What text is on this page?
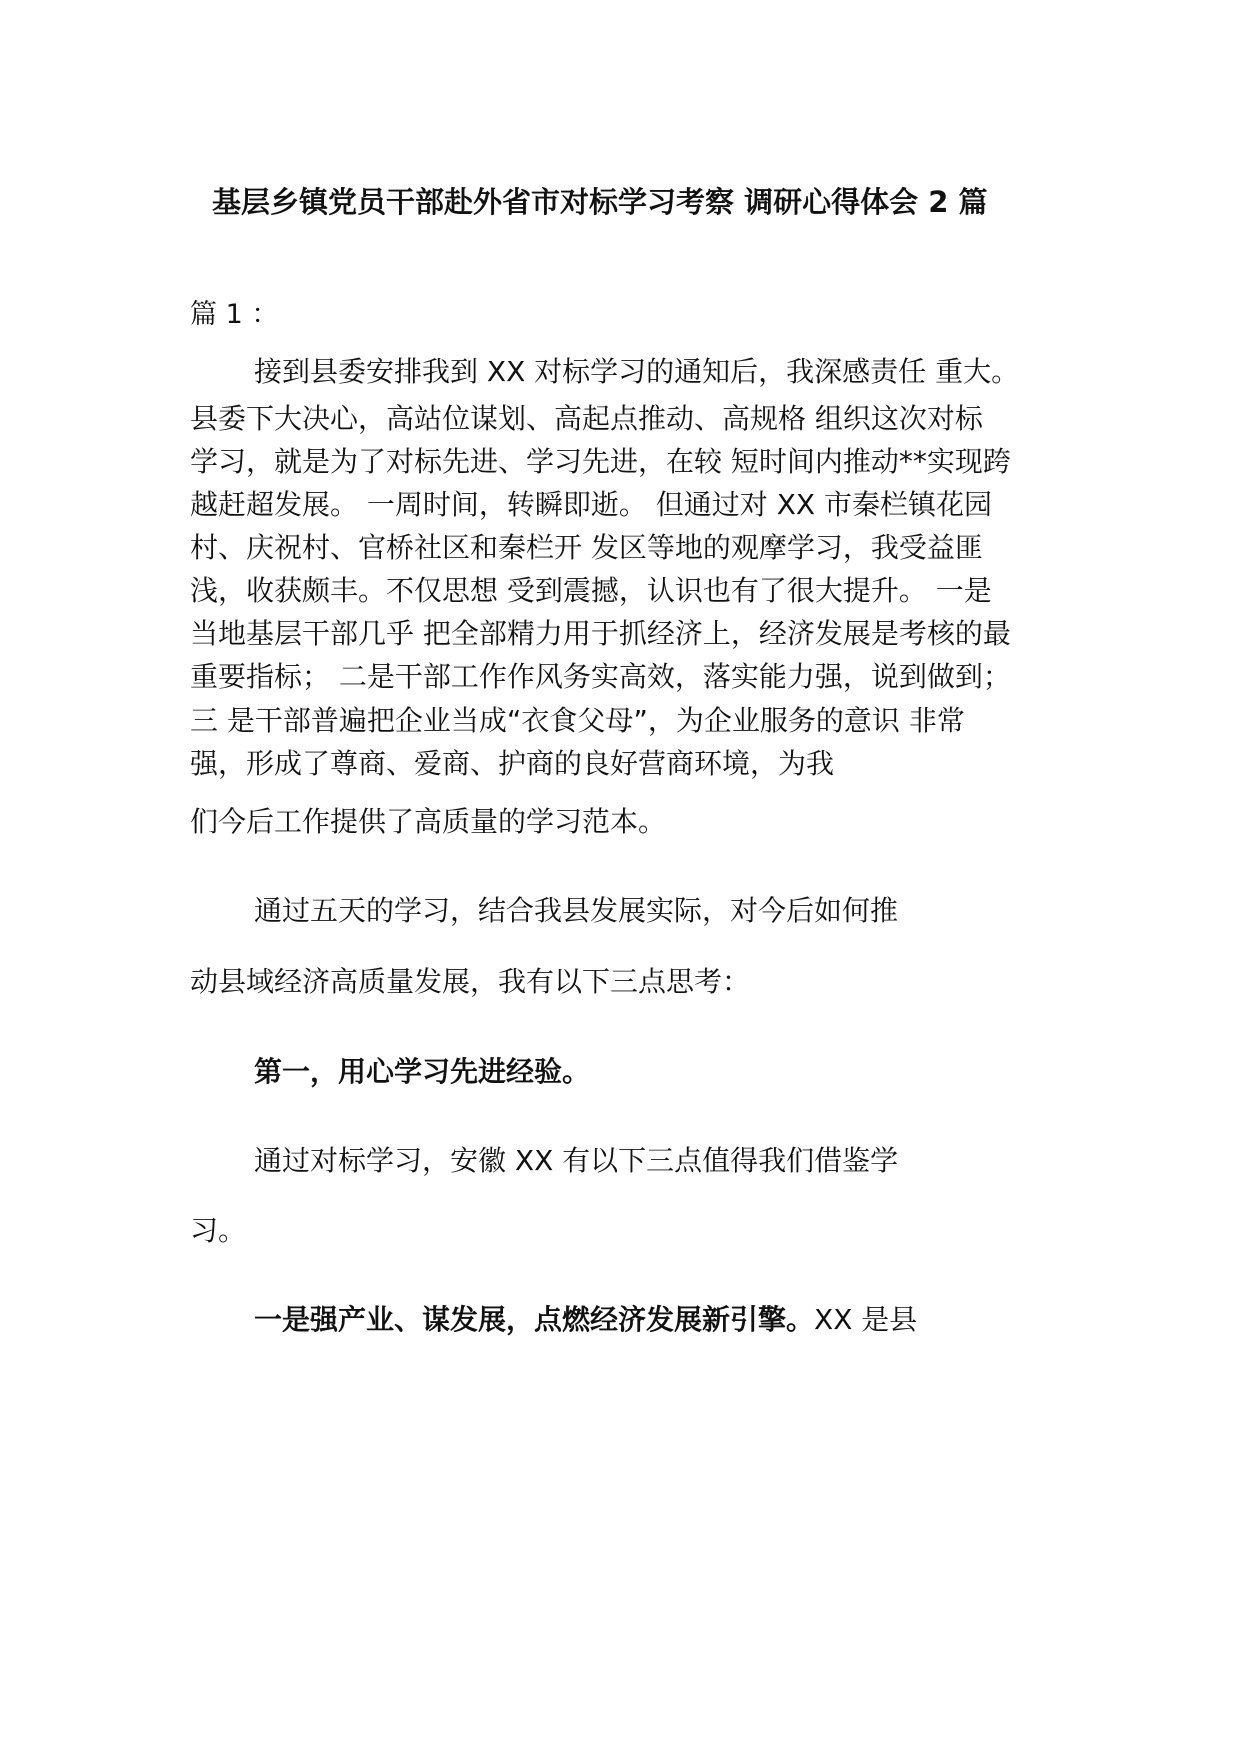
基层乡镇党员干部赴外省市对标学习考察 调研心得体会 2 篇
篇 1 ：
接到县委安排我到 XX 对标学习的通知后，我深感责任 重大。
县委下大决心，高站位谋划、高起点推动、高规格 组织这次对标
学习，就是为了对标先进、学习先进，在较 短时间内推动**实现跨
越赶超发展。 一周时间，转瞬即逝。 但通过对 XX 市秦栏镇花园
村、庆祝村、官桥社区和秦栏开 发区等地的观摩学习，我受益匪
浅，收获颇丰。不仅思想 受到震撼，认识也有了很大提升。 一是
当地基层干部几乎 把全部精力用于抓经济上，经济发展是考核的最
重要指标； 二是干部工作作风务实高效，落实能力强，说到做到；
三 是干部普遍把企业当成“衣食父母”，为企业服务的意识 非常
强，形成了尊商、爱商、护商的良好营商环境，为我
们今后工作提供了高质量的学习范本。
通过五天的学习，结合我县发展实际，对今后如何推
动县域经济高质量发展，我有以下三点思考：
第一，用心学习先进经验。
通过对标学习，安徽 XX 有以下三点值得我们借鉴学
习。
一是强产业、谋发展，点燃经济发展新引擎。XX 是县
